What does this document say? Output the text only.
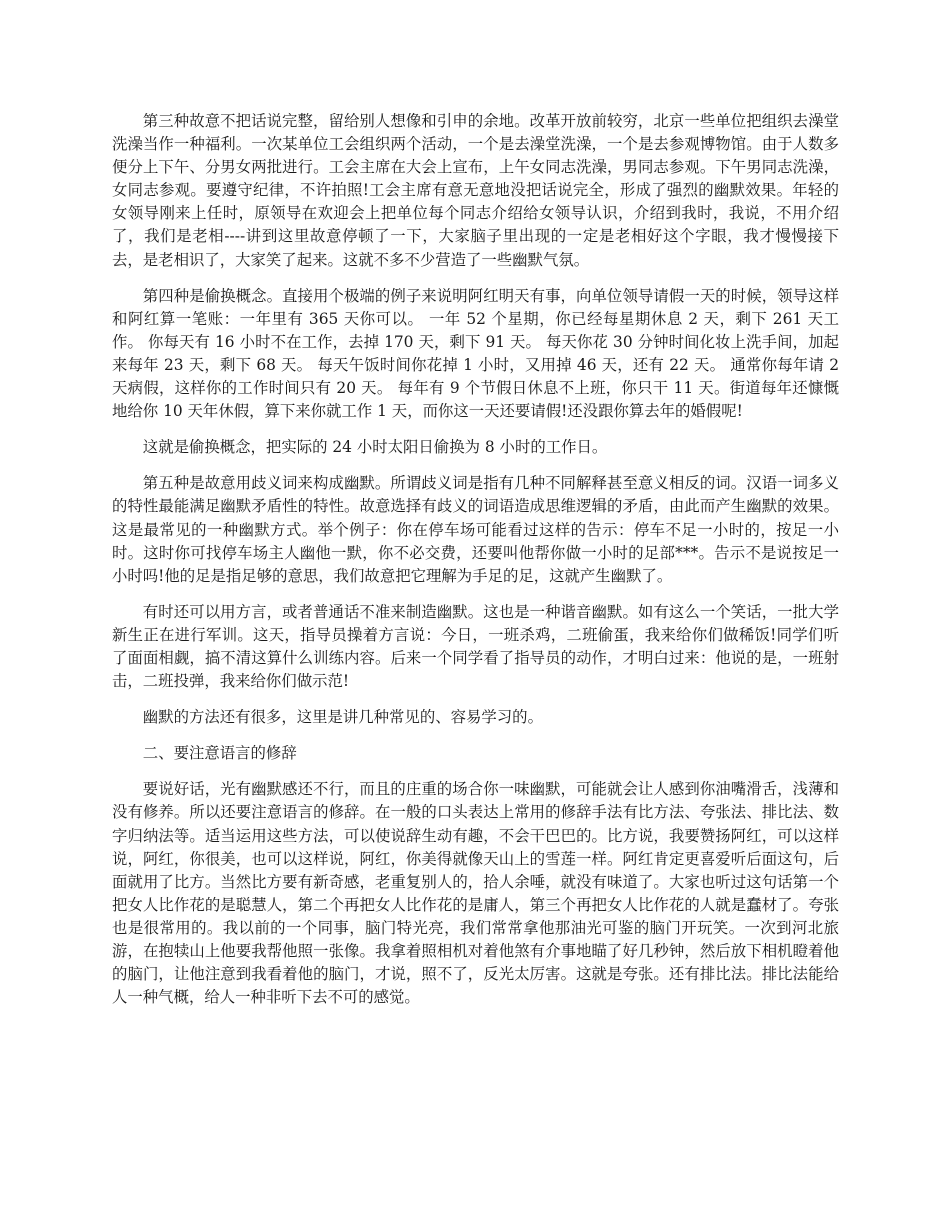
第三种故意不把话说完整，留给别人想像和引申的余地。改革开放前较穷，北京一些单位把组织去澡堂洗澡当作一种福利。一次某单位工会组织两个活动，一个是去澡堂洗澡，一个是去参观博物馆。由于人数多便分上下午、分男女两批进行。工会主席在大会上宣布，上午女同志洗澡，男同志参观。下午男同志洗澡，女同志参观。要遵守纪律，不许拍照!工会主席有意无意地没把话说完全，形成了强烈的幽默效果。年轻的女领导刚来上任时，原领导在欢迎会上把单位每个同志介绍给女领导认识，介绍到我时，我说，不用介绍了，我们是老相----讲到这里故意停顿了一下，大家脑子里出现的一定是老相好这个字眼，我才慢慢接下去，是老相识了，大家笑了起来。这就不多不少营造了一些幽默气氛。

第四种是偷换概念。直接用个极端的例子来说明阿红明天有事，向单位领导请假一天的时候，领导这样和阿红算一笔账：一年里有 365 天你可以。 一年 52 个星期，你已经每星期休息 2 天，剩下 261 天工作。 你每天有 16 小时不在工作，去掉 170 天，剩下 91 天。 每天你花 30 分钟时间化妆上洗手间，加起来每年 23 天，剩下 68 天。 每天午饭时间你花掉 1 小时，又用掉 46 天，还有 22 天。 通常你每年请 2 天病假，这样你的工作时间只有 20 天。 每年有 9 个节假日休息不上班，你只干 11 天。街道每年还慷慨地给你 10 天年休假，算下来你就工作 1 天，而你这一天还要请假!还没跟你算去年的婚假呢!

这就是偷换概念，把实际的 24 小时太阳日偷换为 8 小时的工作日。

第五种是故意用歧义词来构成幽默。所谓歧义词是指有几种不同解释甚至意义相反的词。汉语一词多义的特性最能满足幽默矛盾性的特性。故意选择有歧义的词语造成思维逻辑的矛盾，由此而产生幽默的效果。这是最常见的一种幽默方式。举个例子：你在停车场可能看过这样的告示：停车不足一小时的，按足一小时。这时你可找停车场主人幽他一默，你不必交费，还要叫他帮你做一小时的足部***。告示不是说按足一小时吗!他的足是指足够的意思，我们故意把它理解为手足的足，这就产生幽默了。

有时还可以用方言，或者普通话不准来制造幽默。这也是一种谐音幽默。如有这么一个笑话，一批大学新生正在进行军训。这天，指导员操着方言说：今日，一班杀鸡，二班偷蛋，我来给你们做稀饭!同学们听了面面相觑，搞不清这算什么训练内容。后来一个同学看了指导员的动作，才明白过来：他说的是，一班射击，二班投弹，我来给你们做示范!

幽默的方法还有很多，这里是讲几种常见的、容易学习的。

二、要注意语言的修辞

要说好话，光有幽默感还不行，而且的庄重的场合你一味幽默，可能就会让人感到你油嘴滑舌，浅薄和没有修养。所以还要注意语言的修辞。在一般的口头表达上常用的修辞手法有比方法、夸张法、排比法、数字归纳法等。适当运用这些方法，可以使说辞生动有趣，不会干巴巴的。比方说，我要赞扬阿红，可以这样说，阿红，你很美，也可以这样说，阿红，你美得就像天山上的雪莲一样。阿红肯定更喜爱听后面这句，后面就用了比方。当然比方要有新奇感，老重复别人的，拾人余唾，就没有味道了。大家也听过这句话第一个把女人比作花的是聪慧人，第二个再把女人比作花的是庸人，第三个再把女人比作花的人就是蠢材了。夸张也是很常用的。我以前的一个同事，脑门特光亮，我们常常拿他那油光可鉴的脑门开玩笑。一次到河北旅游，在抱犊山上他要我帮他照一张像。我拿着照相机对着他煞有介事地瞄了好几秒钟，然后放下相机瞪着他的脑门，让他注意到我看着他的脑门，才说，照不了，反光太厉害。这就是夸张。还有排比法。排比法能给人一种气概，给人一种非听下去不可的感觉。
